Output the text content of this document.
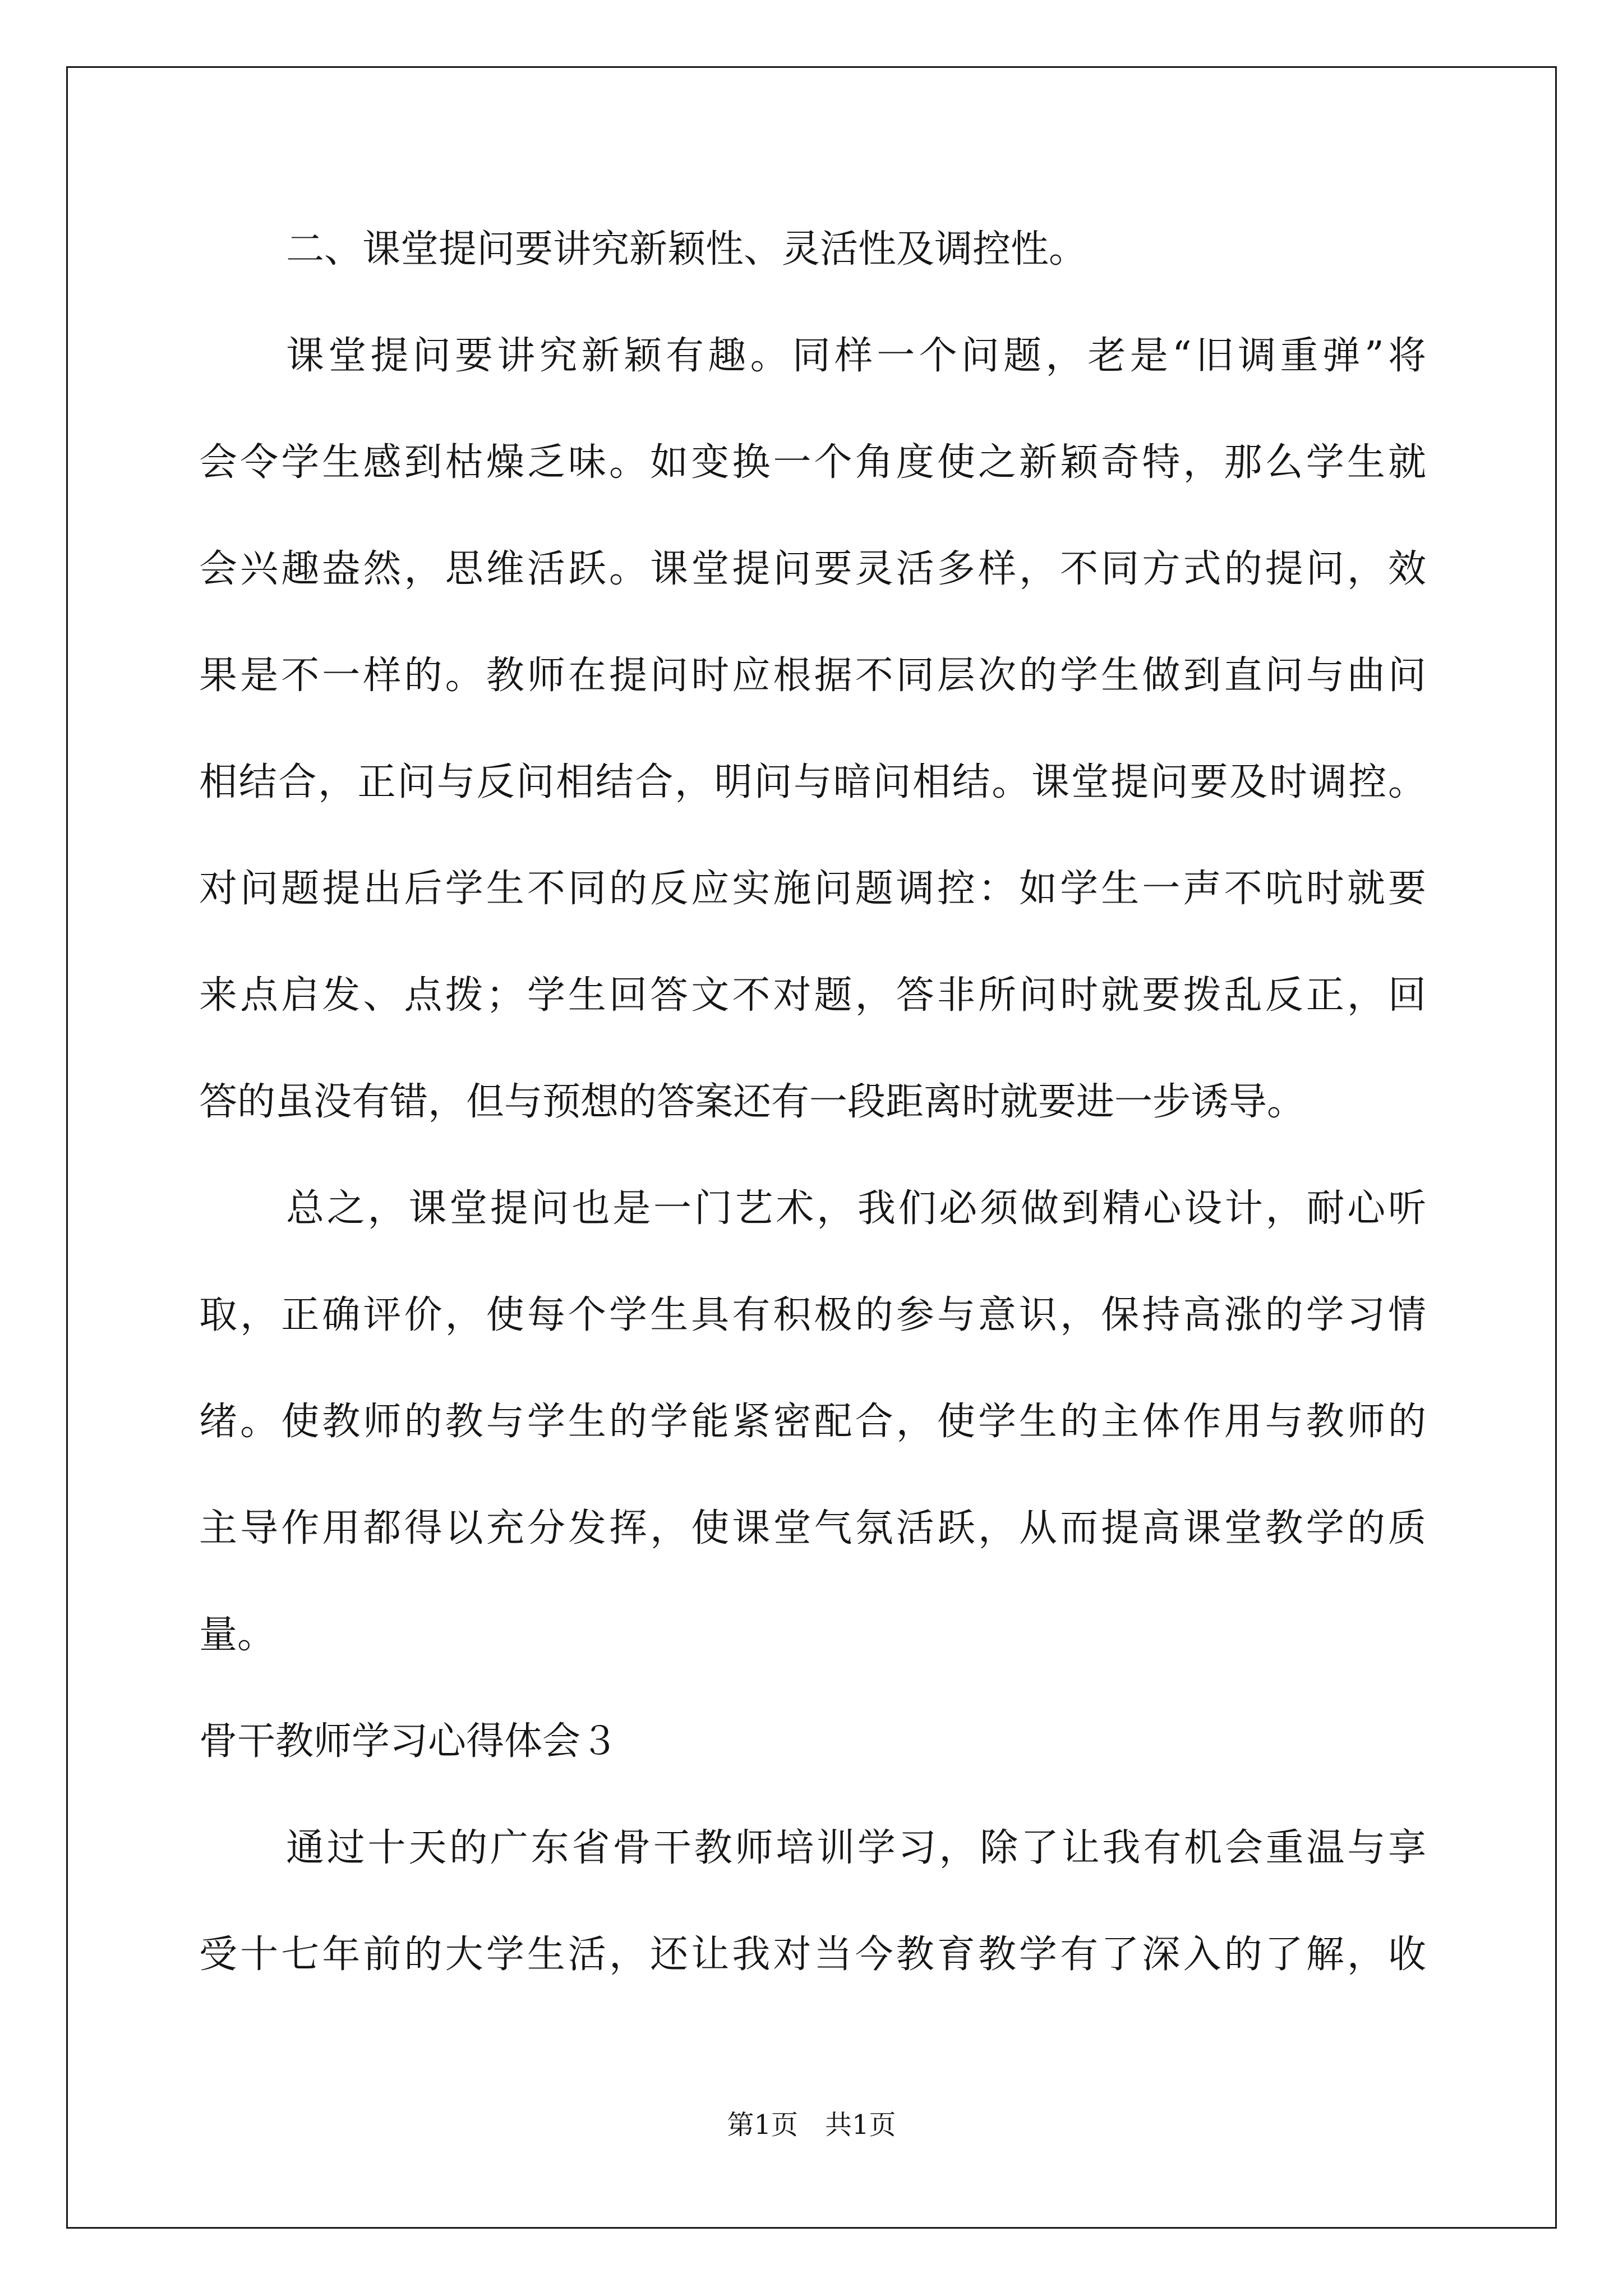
二、课堂提问要讲究新颖性、灵活性及调控性。
课堂提问要讲究新颖有趣。同样一个问题，老是“旧调重弹”将
会令学生感到枯燥乏味。如变换一个角度使之新颖奇特，那么学生就
会兴趣盎然，思维活跃。课堂提问要灵活多样，不同方式的提问，效
果是不一样的。教师在提问时应根据不同层次的学生做到直问与曲问
相结合，正问与反问相结合，明问与暗问相结。课堂提问要及时调控。
对问题提出后学生不同的反应实施问题调控：如学生一声不吭时就要
来点启发、点拨；学生回答文不对题，答非所问时就要拨乱反正，回
答的虽没有错，但与预想的答案还有一段距离时就要进一步诱导。
总之，课堂提问也是一门艺术，我们必须做到精心设计，耐心听
取，正确评价，使每个学生具有积极的参与意识，保持高涨的学习情
绪。使教师的教与学生的学能紧密配合，使学生的主体作用与教师的
主导作用都得以充分发挥，使课堂气氛活跃，从而提高课堂教学的质
量。
骨干教师学习心得体会３
通过十天的广东省骨干教师培训学习，除了让我有机会重温与享
受十七年前的大学生活，还让我对当今教育教学有了深入的了解，收
第1页　共1页
